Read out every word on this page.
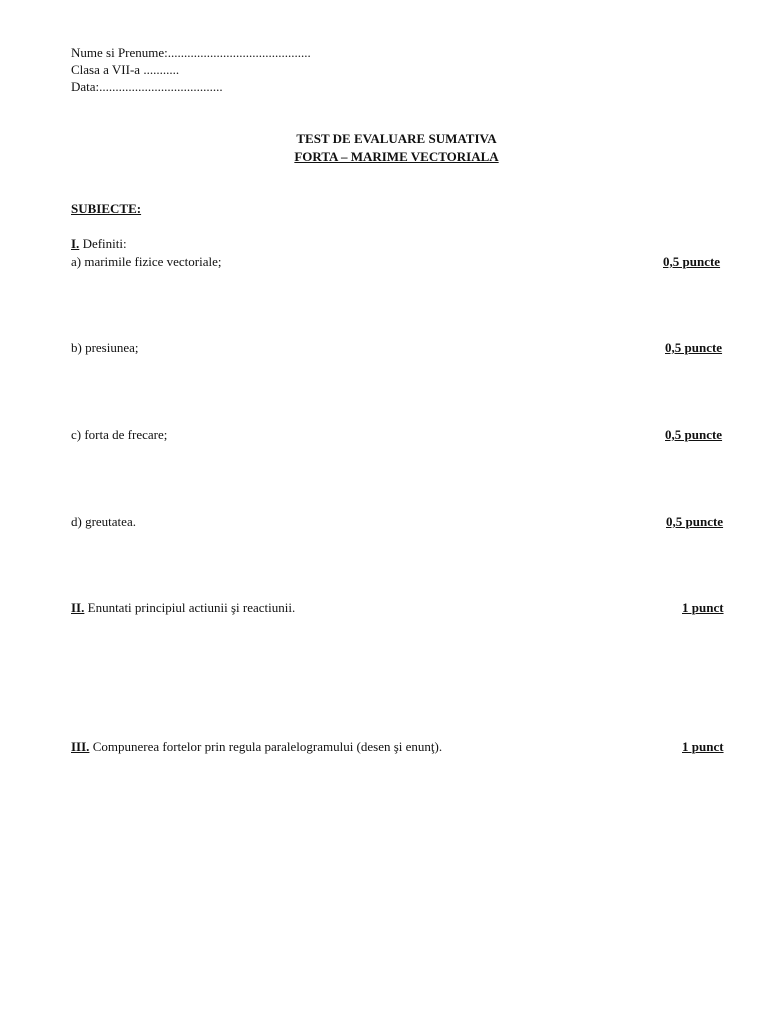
Nume si Prenume:............................................
Clasa a VII-a ...........
Data:......................................
TEST DE EVALUARE SUMATIVA
FORTA – MARIME VECTORIALA
SUBIECTE:
I. Definiti:
a) marimile fizice vectoriale;	0,5 puncte
b) presiunea;	0,5 puncte
c) forta de frecare;	0,5 puncte
d) greutatea.	0,5 puncte
II. Enuntati principiul actiunii şi reactiunii.	1 punct
III. Compunerea fortelor prin regula paralelogramului (desen şi enunţ).	1 punct
